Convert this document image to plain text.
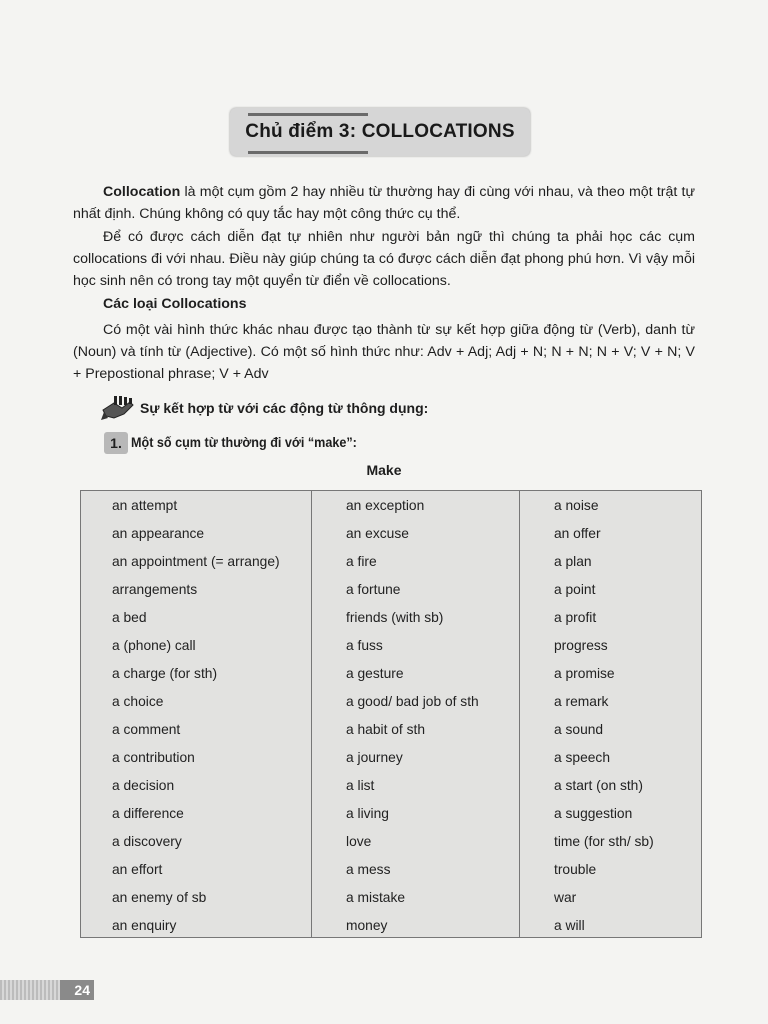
Chủ điểm 3: COLLOCATIONS

Collocation là một cụm gồm 2 hay nhiều từ thường hay đi cùng với nhau, và theo một trật tự nhất định. Chúng không có quy tắc hay một công thức cụ thể.

Để có được cách diễn đạt tự nhiên như người bản ngữ thì chúng ta phải học các cụm collocations đi với nhau. Điều này giúp chúng ta có được cách diễn đạt phong phú hơn. Vì vậy mỗi học sinh nên có trong tay một quyển từ điển về collocations.

Các loại Collocations

Có một vài hình thức khác nhau được tạo thành từ sự kết hợp giữa động từ (Verb), danh từ (Noun) và tính từ (Adjective). Có một số hình thức như: Adv + Adj; Adj + N; N + N; N + V; V + N; V + Prepostional phrase; V + Adv

Sự kết hợp từ với các động từ thông dụng:
1. Một số cụm từ thường đi với “make”:
Make
an attempt
an appearance
an appointment (= arrange)
arrangements
a bed
a (phone) call
a charge (for sth)
a choice
a comment
a contribution
a decision
a difference
a discovery
an effort
an enemy of sb
an enquiry
an exception
an excuse
a fire
a fortune
friends (with sb)
a fuss
a gesture
a good/ bad job of sth
a habit of sth
a journey
a list
a living
love
a mess
a mistake
money
a noise
an offer
a plan
a point
a profit
progress
a promise
a remark
a sound
a speech
a start (on sth)
a suggestion
time (for sth/ sb)
trouble
war
a will
24
